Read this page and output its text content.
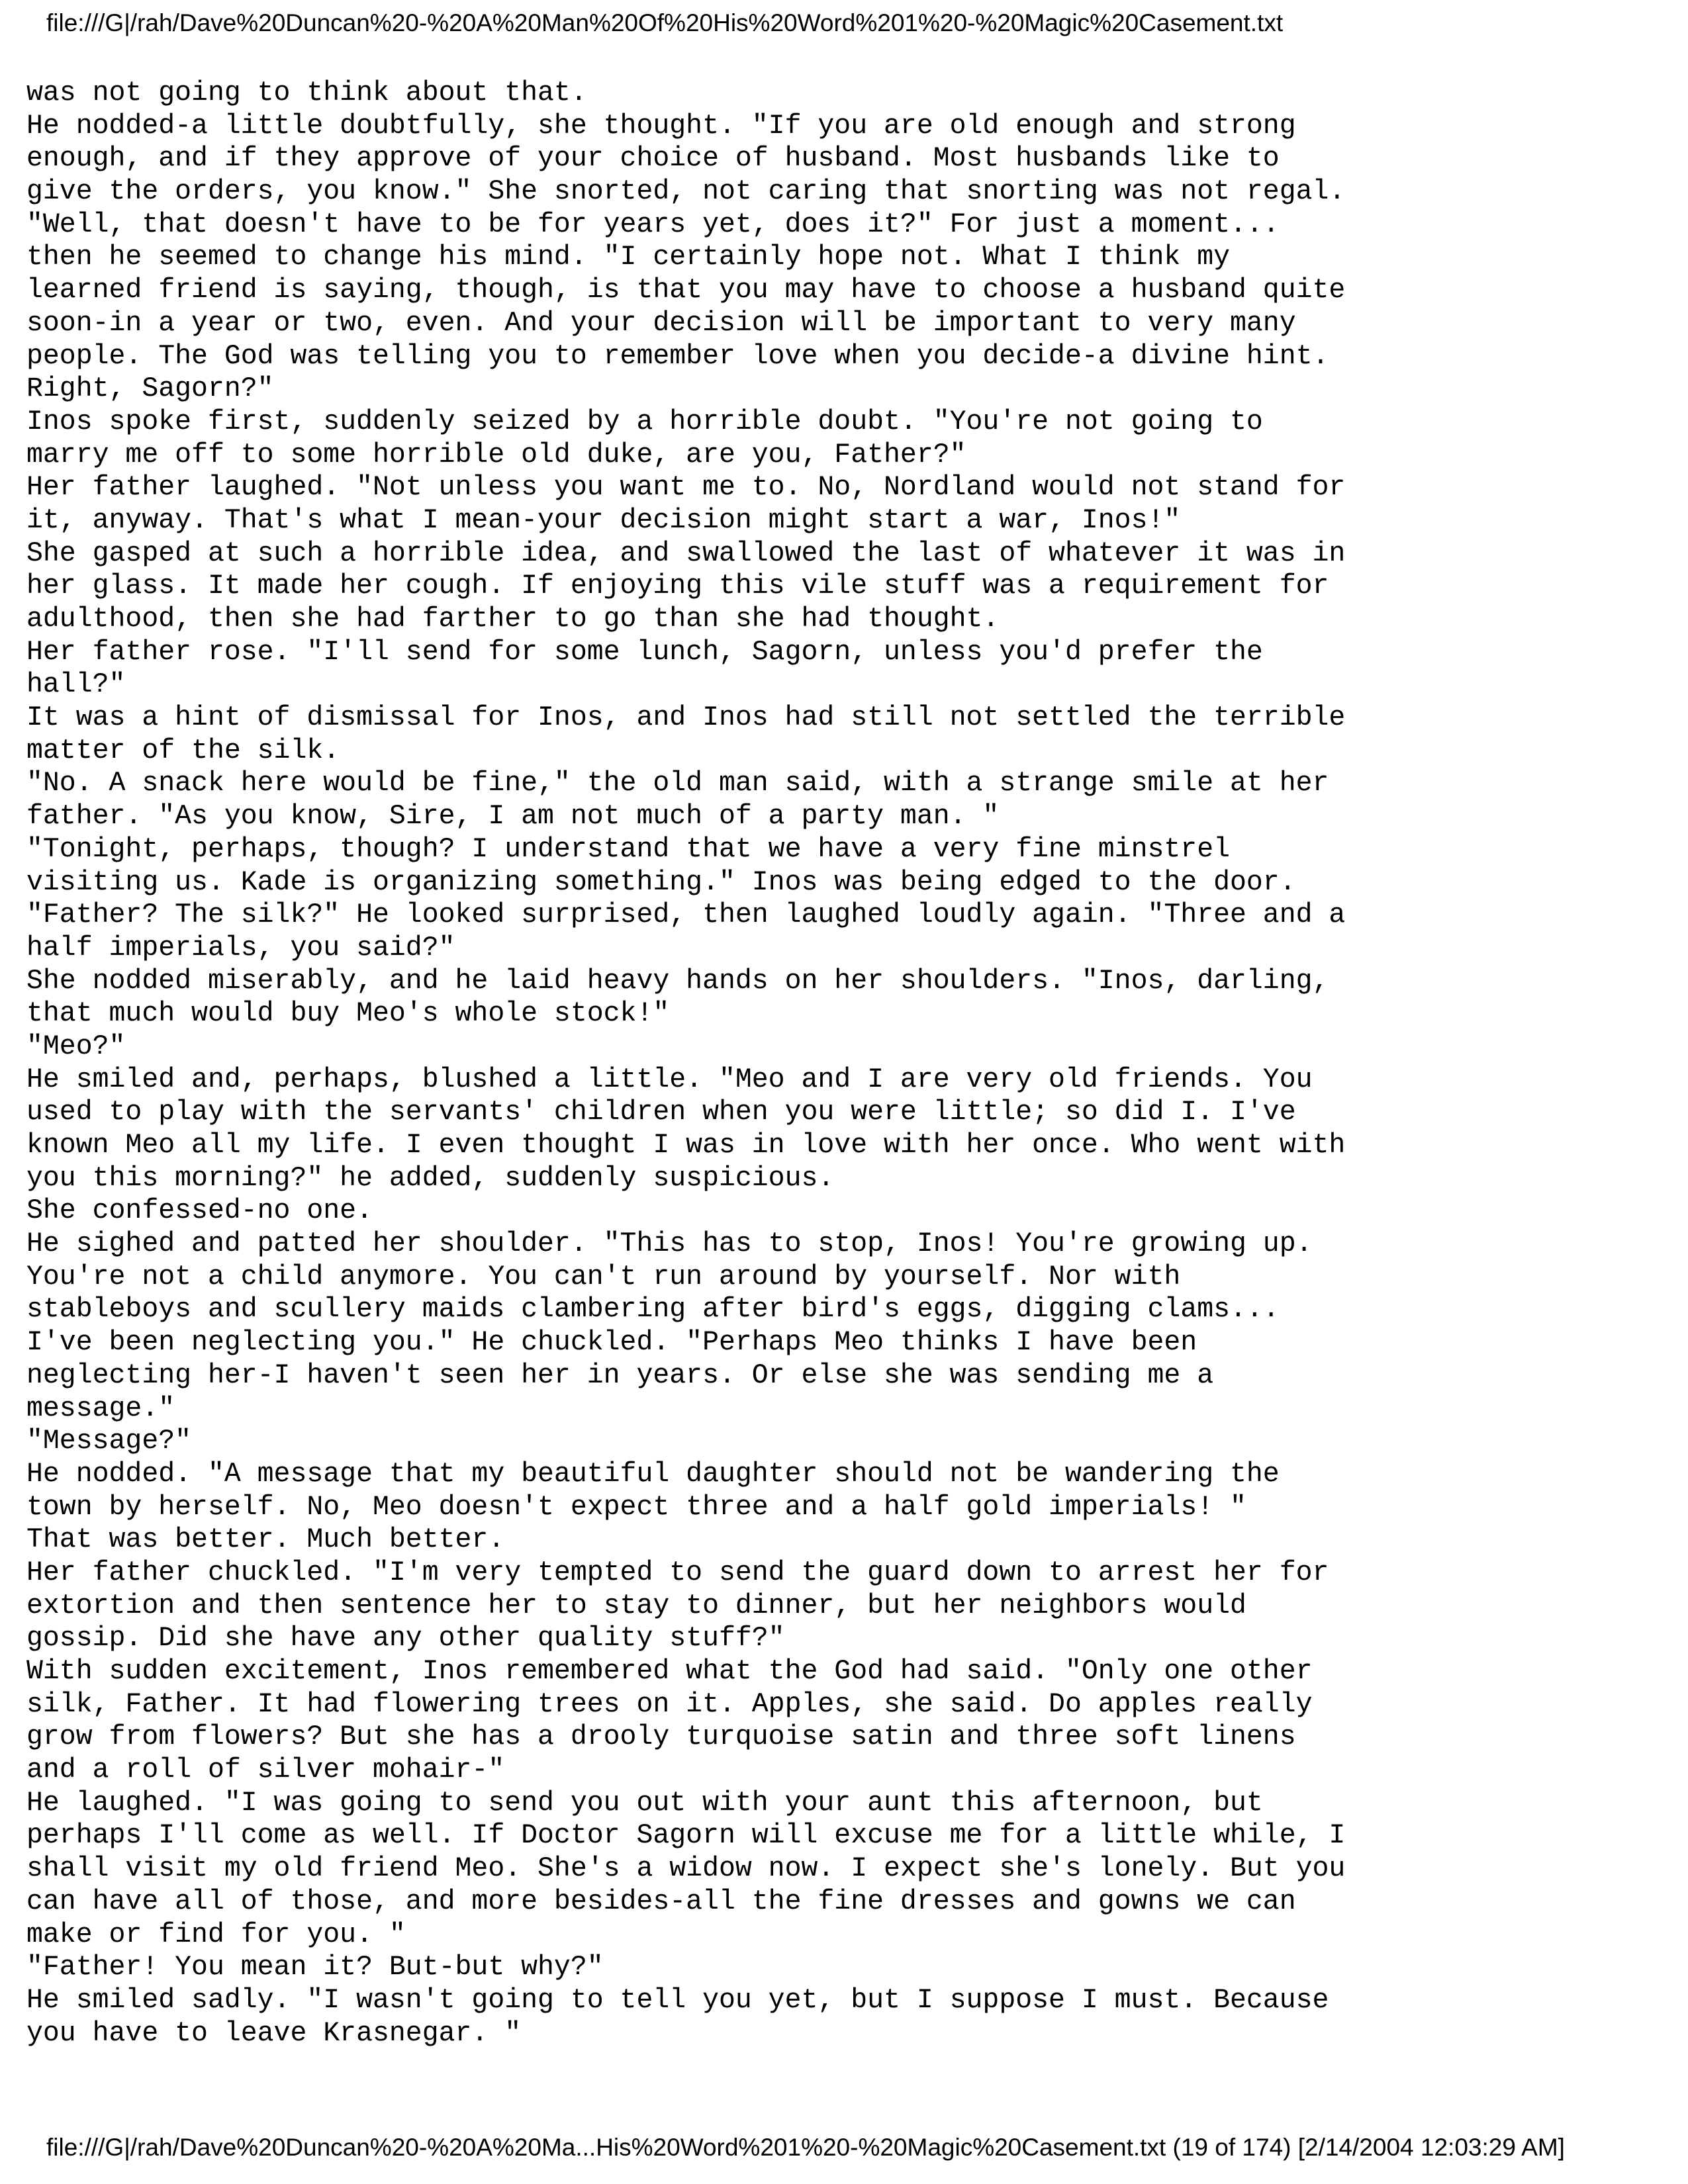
file:///G|/rah/Dave%20Duncan%20-%20A%20Man%20Of%20His%20Word%201%20-%20Magic%20Casement.txt
was not going to think about that.
He nodded-a little doubtfully, she thought. "If you are old enough and strong
enough, and if they approve of your choice of husband. Most husbands like to
give the orders, you know." She snorted, not caring that snorting was not regal.
"Well, that doesn't have to be for years yet, does it?" For just a moment...
then he seemed to change his mind. "I certainly hope not. What I think my
learned friend is saying, though, is that you may have to choose a husband quite
soon-in a year or two, even. And your decision will be important to very many
people. The God was telling you to remember love when you decide-a divine hint.
Right, Sagorn?"
Inos spoke first, suddenly seized by a horrible doubt. "You're not going to
marry me off to some horrible old duke, are you, Father?"
Her father laughed. "Not unless you want me to. No, Nordland would not stand for
it, anyway. That's what I mean-your decision might start a war, Inos!"
She gasped at such a horrible idea, and swallowed the last of whatever it was in
her glass. It made her cough. If enjoying this vile stuff was a requirement for
adulthood, then she had farther to go than she had thought.
Her father rose. "I'll send for some lunch, Sagorn, unless you'd prefer the
hall?"
It was a hint of dismissal for Inos, and Inos had still not settled the terrible
matter of the silk.
"No. A snack here would be fine," the old man said, with a strange smile at her
father. "As you know, Sire, I am not much of a party man. "
"Tonight, perhaps, though? I understand that we have a very fine minstrel
visiting us. Kade is organizing something." Inos was being edged to the door.
"Father? The silk?" He looked surprised, then laughed loudly again. "Three and a
half imperials, you said?"
She nodded miserably, and he laid heavy hands on her shoulders. "Inos, darling,
that much would buy Meo's whole stock!"
"Meo?"
He smiled and, perhaps, blushed a little. "Meo and I are very old friends. You
used to play with the servants' children when you were little; so did I. I've
known Meo all my life. I even thought I was in love with her once. Who went with
you this morning?" he added, suddenly suspicious.
She confessed-no one.
He sighed and patted her shoulder. "This has to stop, Inos! You're growing up.
You're not a child anymore. You can't run around by yourself. Nor with
stableboys and scullery maids clambering after bird's eggs, digging clams...
I've been neglecting you." He chuckled. "Perhaps Meo thinks I have been
neglecting her-I haven't seen her in years. Or else she was sending me a
message."
"Message?"
He nodded. "A message that my beautiful daughter should not be wandering the
town by herself. No, Meo doesn't expect three and a half gold imperials! "
That was better. Much better.
Her father chuckled. "I'm very tempted to send the guard down to arrest her for
extortion and then sentence her to stay to dinner, but her neighbors would
gossip. Did she have any other quality stuff?"
With sudden excitement, Inos remembered what the God had said. "Only one other
silk, Father. It had flowering trees on it. Apples, she said. Do apples really
grow from flowers? But she has a drooly turquoise satin and three soft linens
and a roll of silver mohair-"
He laughed. "I was going to send you out with your aunt this afternoon, but
perhaps I'll come as well. If Doctor Sagorn will excuse me for a little while, I
shall visit my old friend Meo. She's a widow now. I expect she's lonely. But you
can have all of those, and more besides-all the fine dresses and gowns we can
make or find for you. "
"Father! You mean it? But-but why?"
He smiled sadly. "I wasn't going to tell you yet, but I suppose I must. Because
you have to leave Krasnegar. "
file:///G|/rah/Dave%20Duncan%20-%20A%20Ma...His%20Word%201%20-%20Magic%20Casement.txt (19 of 174) [2/14/2004 12:03:29 AM]
